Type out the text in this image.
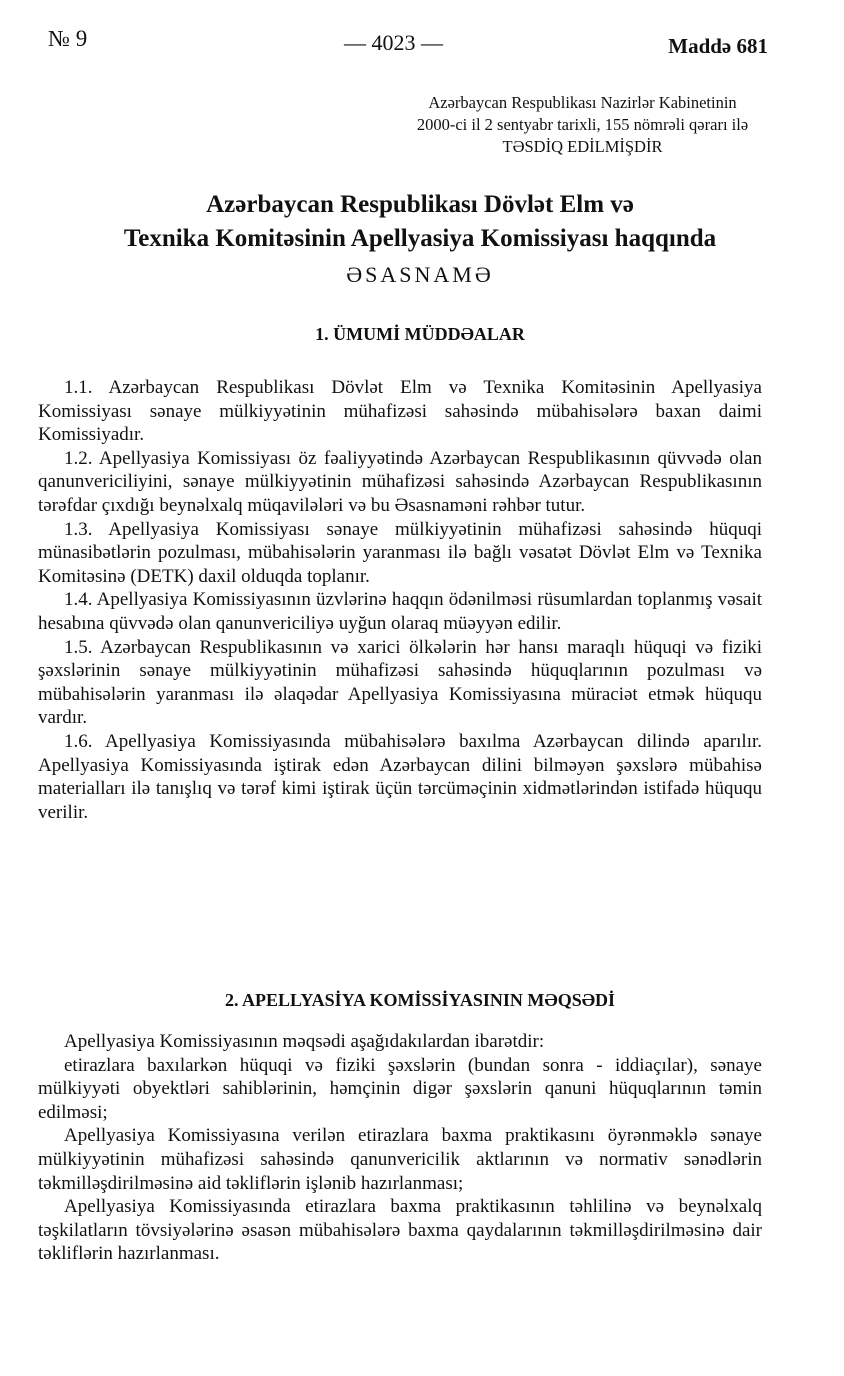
№ 9	— 4023 —	Maddə 681
Azərbaycan Respublikası Nazirlər Kabinetinin
2000-ci il 2 sentyabr tarixli, 155 nömrəli qərarı ilə
TƏSDİQ EDİLMİŞDİR
Azərbaycan Respublikası Dövlət Elm və
Texnika Komitəsinin Apellyasiya Komissiyası haqqında
ƏSASNAMƏ
1. ÜMUMİ MÜDDƏALAR

1.1. Azərbaycan Respublikası Dövlət Elm və Texnika Komitəsinin Apellyasiya Komissiyası sənaye mülkiyyətinin mühafizəsi sahəsində mübahisələrə baxan daimi Komissiyadır.

1.2. Apellyasiya Komissiyası öz fəaliyyətində Azərbaycan Respublikasının qüvvədə olan qanunvericiliyini, sənaye mülkiyyətinin mühafizəsi sahəsində Azərbaycan Respublikasının tərəfdar çıxdığı beynəlxalq müqavilələri və bu Əsasnaməni rəhbər tutur.

1.3. Apellyasiya Komissiyası sənaye mülkiyyətinin mühafizəsi sahəsində hüquqi münasibətlərin pozulması, mübahisələrin yaranması ilə bağlı vəsatət Dövlət Elm və Texnika Komitəsinə (DETK) daxil olduqda toplanır.

1.4. Apellyasiya Komissiyasının üzvlərinə haqqın ödənilməsi rüsumlardan toplanmış vəsait hesabına qüvvədə olan qanunvericiliyə uyğun olaraq müəyyən edilir.

1.5. Azərbaycan Respublikasının və xarici ölkələrin hər hansı maraqlı hüquqi və fiziki şəxslərinin sənaye mülkiyyətinin mühafizəsi sahəsində hüquqlarının pozulması və mübahisələrin yaranması ilə əlaqədar Apellyasiya Komissiyasına müraciət etmək hüququ vardır.

1.6. Apellyasiya Komissiyasında mübahisələrə baxılma Azərbaycan dilində aparılır. Apellyasiya Komissiyasında iştirak edən Azərbaycan dilini bilməyən şəxslərə mübahisə materialları ilə tanışlıq və tərəf kimi iştirak üçün tərcüməçinin xidmətlərindən istifadə hüququ verilir.

2. APELLYASİYA KOMİSSİYASININ MƏQSƏDİ

Apellyasiya Komissiyasının məqsədi aşağıdakılardan ibarətdir:

etirazlara baxılarkən hüquqi və fiziki şəxslərin (bundan sonra - iddiaçılar), sənaye mülkiyyəti obyektləri sahiblərinin, həmçinin digər şəxslərin qanuni hüquqlarının təmin edilməsi;

Apellyasiya Komissiyasına verilən etirazlara baxma praktikasını öyrənməklə sənaye mülkiyyətinin mühafizəsi sahəsində qanunvericilik aktlarının və normativ sənədlərin təkmilləşdirilməsinə aid təkliflərin işlənib hazırlanması;

Apellyasiya Komissiyasında etirazlara baxma praktikasının təhlilinə və beynəlxalq təşkilatların tövsiyələrinə əsasən mübahisələrə baxma qaydalarının təkmilləşdirilməsinə dair təkliflərin hazırlanması.
